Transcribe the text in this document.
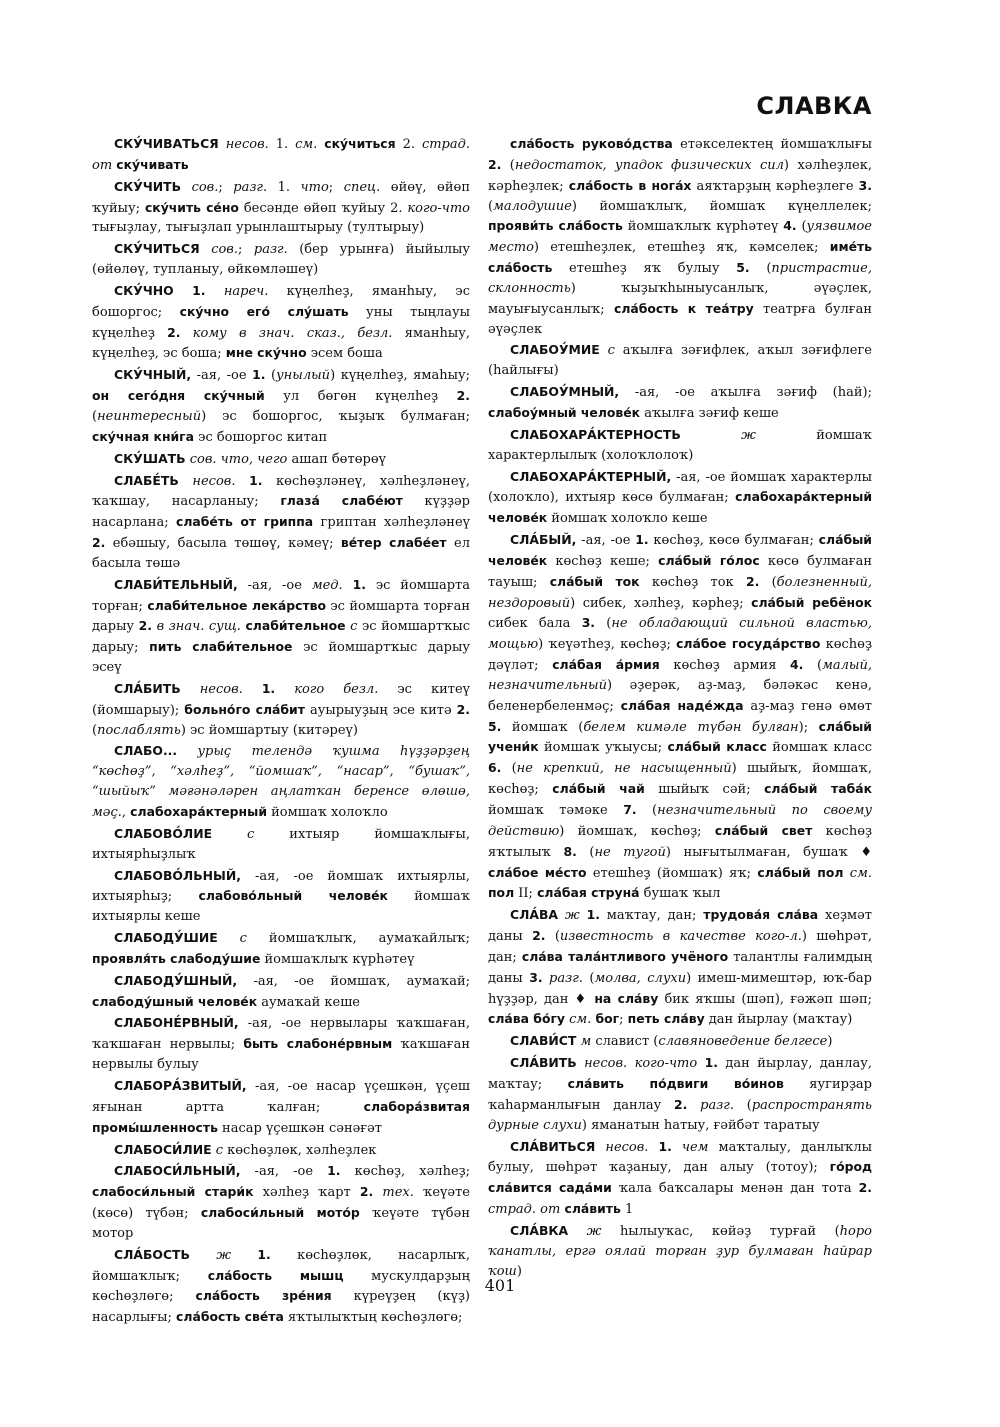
СЛАВКА

СКУ́ЧИВАТЬСЯ несов. 1. см. ску́читься 2. страд. от ску́чивать

СКУ́ЧИТЬ сов.; разг. 1. что; спец. өйөү, өйөп ҡуйыу; ску́чить се́но бесәнде өйөп ҡуйыу 2. кого-что тығыҙлау, тығыҙлап урынлаштырыу (тултырыу)

СКУ́ЧИТЬСЯ сов.; разг. (бер урынға) йыйылыу (өйөлөү, тупланыу, өйкөмләшеү)

СКУ́ЧНО 1. нареч. күңелһеҙ, яманһыу, эс бошоргос; ску́чно его́ слу́шать уны тыңлауы күңелһеҙ 2. кому в знач. сказ., безл. яманһыу, күңелһеҙ, эс боша; мне ску́чно эсем боша

СКУ́ЧНЫЙ, -ая, -ое 1. (унылый) күңелһеҙ, ямаһыу; он сего́дня ску́чный ул бөгөн күңелһеҙ 2. (неинтересный) эс бошоргос, ҡыҙыҡ булмаған; ску́чная кни́га эс бошоргос китап

СКУ́ШАТЬ сов. что, чего ашап бөтөрөү

СЛАБЕ́ТЬ несов. 1. көсһөҙләнеү, хәлһеҙләнеү, ҡаҡшау, насарланыу; глаза́ слабе́ют күҙҙәр насарлана; слабе́ть от гриппа гриптан хәлһеҙләнеү 2. ебәшыу, басыла төшөү, кәмеү; ве́тер слабе́ет ел басыла төшә

СЛАБИ́ТЕЛЬНЫЙ, -ая, -ое мед. 1. эс йомшарта торған; слаби́тельное лека́рство эс йомшарта торған дарыу 2. в знач. сущ. слаби́тельное с эс йомшартҡыс дарыу; пить слаби́тельное эс йомшартҡыс дарыу эсеү

СЛА́БИТЬ несов. 1. кого безл. эс китеү (йомшарыу); больно́го сла́бит ауырыуҙың эсе китә 2. (послаблять) эс йомшартыу (китәреү)

СЛАБО... урыҫ телендә ҡушма һүҙҙәрҙең “көсһөҙ”, “хәлһеҙ”, “йомшаҡ”, “насар”, “бушаҡ”, “шыйыҡ” мәғәнәләрен аңлатҡан беренсе өлөшө, мәҫ., слабохара́ктерный йомшаҡ холоҡло

СЛАБОВО́ЛИЕ	с ихтыяр йомшаҡлығы, ихтыярһыҙлыҡ

СЛАБОВО́ЛЬНЫЙ, -ая, -ое йомшаҡ ихтыярлы, ихтыярһыҙ; слабово́льный челове́к йомшаҡ ихтыярлы кеше

СЛАБОДУ́ШИЕ с йомшаҡлыҡ, аумаҡайлыҡ; проявля́ть слабоду́шие йомшаҡлыҡ күрһәтеү

СЛАБОДУ́ШНЫЙ, -ая, -ое йомшаҡ, аумаҡай; слабоду́шный челове́к аумаҡай кеше

СЛАБОНЕ́РВНЫЙ, -ая, -ое нервылары ҡаҡшаған, ҡаҡшаған нервылы; быть слабоне́рвным ҡаҡшаған нервылы булыу

СЛАБОРА́ЗВИТЫЙ, -ая, -ое насар үҫешкән, үҫеш яғынан артта ҡалған; слабора́звитая промы́шленность насар үҫешкән сәнәғәт

СЛАБОСИ́ЛИЕ с көсһөҙлөк, хәлһеҙлек

СЛАБОСИ́ЛЬНЫЙ, -ая, -ое 1. көсһөҙ, хәлһеҙ; слабоси́льный стари́к хәлһеҙ ҡарт 2. тех. ҡеүәте (көсө) түбән; слабоси́льный мото́р ҡеүәте түбән мотор

СЛА́БОСТЬ ж 1. көсһөҙлөк, насарлыҡ, йомшаҡлыҡ; сла́бость мышц мускулдарҙың көсһөҙлөгө; сла́бость зре́ния күреүҙең (күҙ) насарлығы; сла́бость све́та яҡтылыҡтың көсһөҙлөгө;

сла́бость руково́дства етәкселектең йомшаҡлығы 2. (недостаток, упадок физических сил) хәлһеҙлек, кәрһеҙлек; сла́бость в нога́х аяҡтарҙың кәрһеҙлеге 3. (малодушие) йомшаҡлыҡ, йомшаҡ күңеллелек; прояви́ть сла́бость йомшаҡлыҡ күрһәтеү 4. (уязвимое место) етешһеҙлек, етешһеҙ яҡ, кәмселек; име́ть сла́бость етешһеҙ яҡ булыу 5. (пристрастие, склонность) ҡыҙыҡһыныусанлыҡ, әүәҫлек, мауығыусанлыҡ; сла́бость к теа́тру театрға булған әүәҫлек

СЛАБОУ́МИЕ с аҡылға зәғифлек, аҡыл зәғифлеге (һайлығы)

СЛАБОУ́МНЫЙ, -ая, -ое аҡылға зәғиф (һай); слабоу́мный челове́к аҡылға зәғиф кеше

СЛАБОХАРА́КТЕРНОСТЬ	ж йомшаҡ характерлылыҡ (холоҡлолоҡ)

СЛАБОХАРА́КТЕРНЫЙ, -ая, -ое йомшаҡ характерлы (холоҡло), ихтыяр көсө булмаған; слабохара́ктерный челове́к йомшаҡ холоҡло кеше

СЛА́БЫЙ, -ая, -ое 1. көсһөҙ, көсө булмаған; сла́бый челове́к көсһөҙ кеше; сла́бый го́лос көсө булмаған тауыш; сла́бый ток көсһөҙ ток 2. (болезненный, нездоровый) сибек, хәлһеҙ, кәрһеҙ; сла́бый ребёнок сибек бала 3. (не обладающий сильной властью, мощью) ҡеүәтһеҙ, көсһөҙ; сла́бое госуда́рство көсһөҙ дәүләт; сла́бая а́рмия көсһөҙ армия 4. (малый, незначительный) әҙерәк, аҙ-маҙ, бәләкәс кенә, беленербеленмәҫ; сла́бая наде́жда аҙ-маҙ генә өмөт 5. йомшаҡ (белем кимәле түбән булған); сла́бый учени́к йомшаҡ уҡыусы; сла́бый класс йомшаҡ класс 6. (не крепкий, не насыщенный) шыйыҡ, йомшаҡ, көсһөҙ; сла́бый чай шыйыҡ сәй; сла́бый таба́к йомшаҡ тәмәке 7. (незначительный по своему действию) йомшаҡ, көсһөҙ; сла́бый свет көсһөҙ яҡтылыҡ 8. (не тугой) нығытылмаған, бушаҡ ♦ сла́бое ме́сто етешһеҙ (йомшаҡ) яҡ; сла́бый пол см. пол II; сла́бая струна́ бушаҡ ҡыл

СЛА́ВА ж 1. маҡтау, дан; трудова́я сла́ва хеҙмәт даны 2. (известность в качестве кого-л.) шөһрәт, дан; сла́ва тала́нтливого учёного талантлы ғалимдың даны 3. разг. (молва, слухи) имеш-мимештәр, юҡ-бар һүҙҙәр, дан ♦ на сла́ву бик яҡшы (шәп), ғәжәп шәп; сла́ва бо́гу см. бог; петь сла́ву дан йырлау (маҡтау)

СЛАВИ́СТ м славист (славяноведение белгесе)

СЛА́ВИТЬ несов. кого-что 1. дан йырлау, данлау, маҡтау; сла́вить по́двиги во́инов яугирҙар ҡаһарманлығын данлау 2. разг. (распространять дурные слухи) яманатын һатыу, ғәйбәт таратыу

СЛА́ВИТЬСЯ несов. 1. чем маҡталыу, данлыҡлы булыу, шөһрәт ҡаҙаныу, дан алыу (тотоу); го́род сла́вится сада́ми ҡала баҡсалары менән дан тота 2. страд. от сла́вить 1

СЛА́ВКА ж һылыуҡас, көйәҙ турғай (һоро ҡанатлы, ергә оялай торған ҙур булмаған һайрар ҡош)

401
